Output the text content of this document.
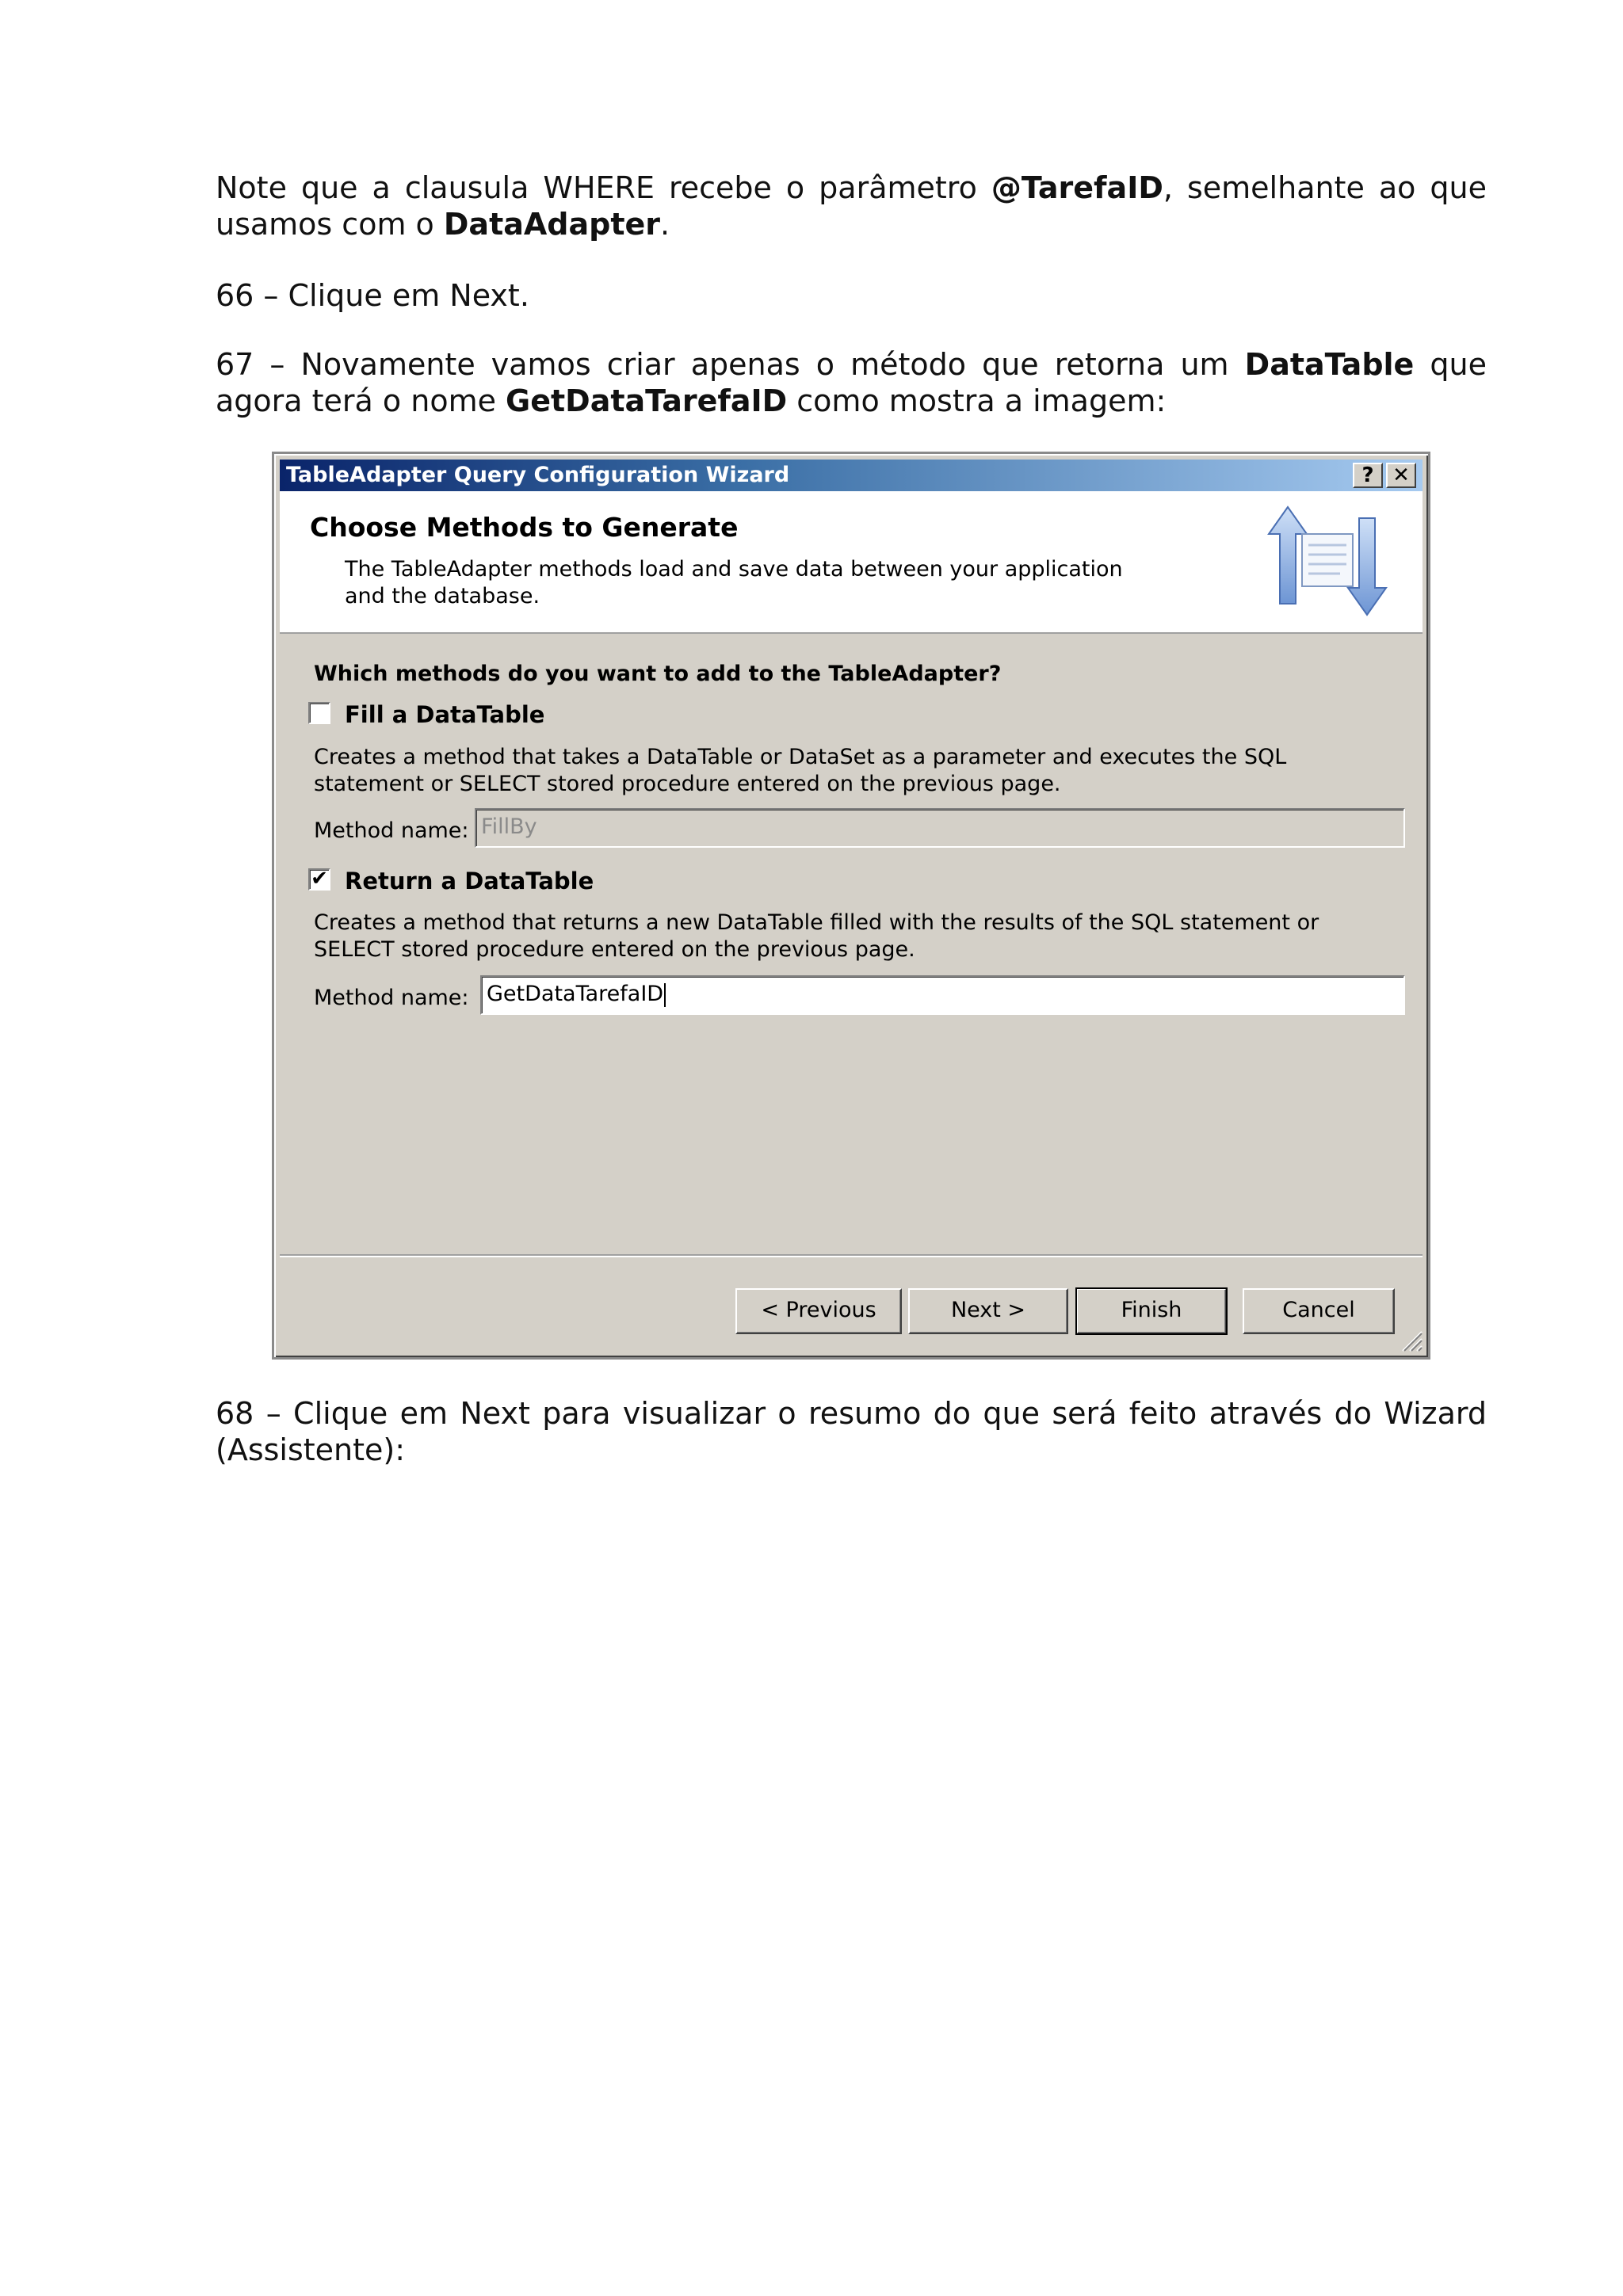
Note que a clausula WHERE recebe o parâmetro @TarefaID, semelhante ao que usamos com o DataAdapter.

66 – Clique em Next.

67 – Novamente vamos criar apenas o método que retorna um DataTable que agora terá o nome GetDataTarefaID como mostra a imagem:

TableAdapter Query Configuration Wizard	? ✕
Choose Methods to Generate
The TableAdapter methods load and save data between your application and the database.
Which methods do you want to add to the TableAdapter?
Fill a DataTable
Creates a method that takes a DataTable or DataSet as a parameter and executes the SQL statement or SELECT stored procedure entered on the previous page.
Method name: FillBy
✔ Return a DataTable
Creates a method that returns a new DataTable filled with the results of the SQL statement or SELECT stored procedure entered on the previous page.
Method name: GetDataTarefaID
< Previous	Next >	Finish	Cancel

68 – Clique em Next para visualizar o resumo do que será feito através do Wizard (Assistente):
